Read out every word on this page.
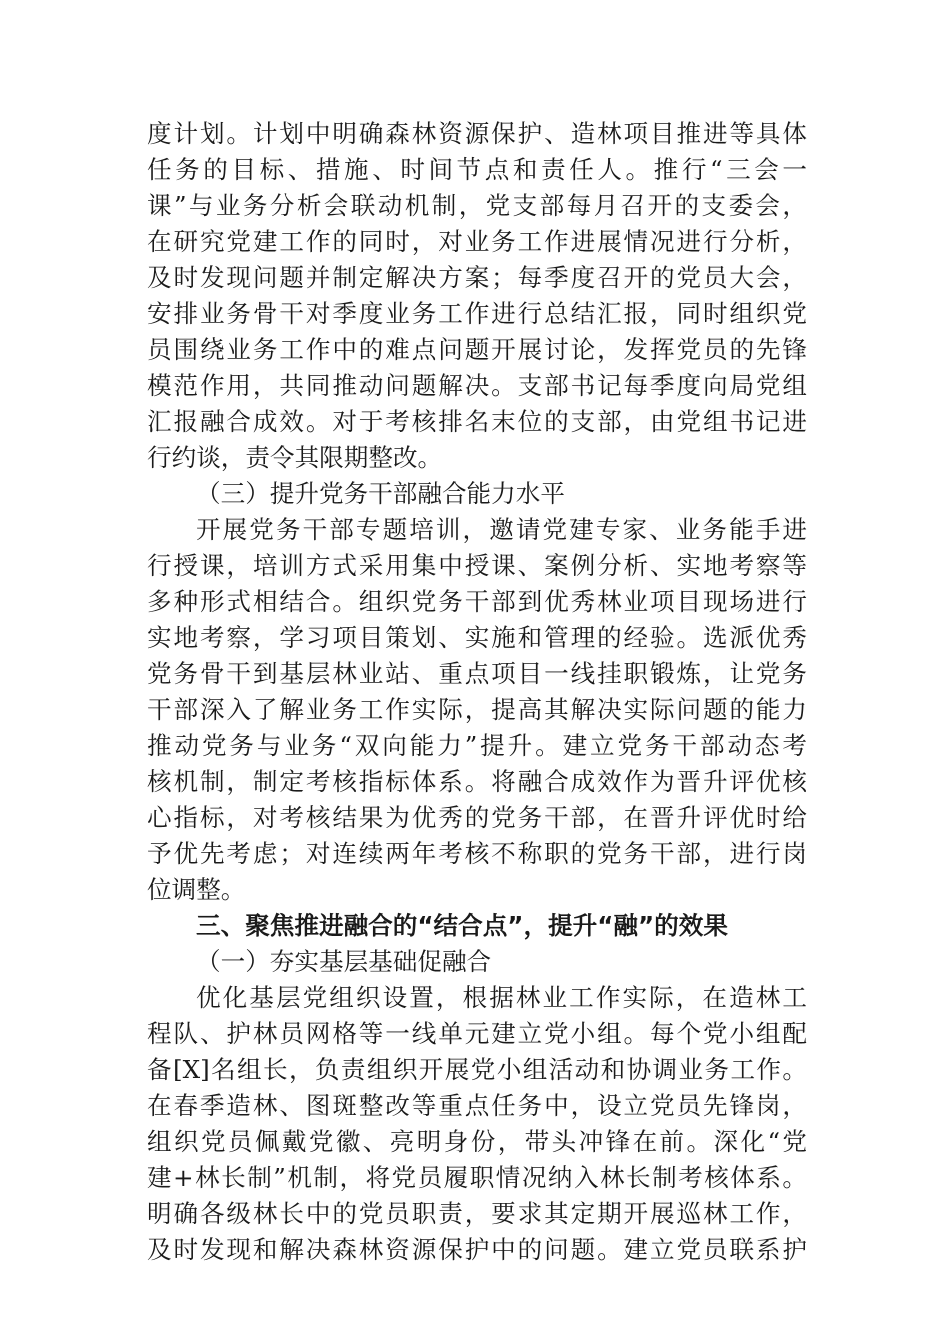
度计划。计划中明确森林资源保护、造林项目推进等具体
任务的目标、措施、时间节点和责任人。推行“三会一
课”与业务分析会联动机制，党支部每月召开的支委会，
在研究党建工作的同时，对业务工作进展情况进行分析，
及时发现问题并制定解决方案；每季度召开的党员大会，
安排业务骨干对季度业务工作进行总结汇报，同时组织党
员围绕业务工作中的难点问题开展讨论，发挥党员的先锋
模范作用，共同推动问题解决。支部书记每季度向局党组
汇报融合成效。对于考核排名末位的支部，由党组书记进
行约谈，责令其限期整改。
（三）提升党务干部融合能力水平
开展党务干部专题培训，邀请党建专家、业务能手进
行授课，培训方式采用集中授课、案例分析、实地考察等
多种形式相结合。组织党务干部到优秀林业项目现场进行
实地考察，学习项目策划、实施和管理的经验。选派优秀
党务骨干到基层林业站、重点项目一线挂职锻炼，让党务
干部深入了解业务工作实际，提高其解决实际问题的能力
推动党务与业务“双向能力”提升。建立党务干部动态考
核机制，制定考核指标体系。将融合成效作为晋升评优核
心指标，对考核结果为优秀的党务干部，在晋升评优时给
予优先考虑；对连续两年考核不称职的党务干部，进行岗
位调整。
三、聚焦推进融合的“结合点”，提升“融”的效果
（一）夯实基层基础促融合
优化基层党组织设置，根据林业工作实际，在造林工
程队、护林员网格等一线单元建立党小组。每个党小组配
备[X]名组长，负责组织开展党小组活动和协调业务工作。
在春季造林、图斑整改等重点任务中，设立党员先锋岗，
组织党员佩戴党徽、亮明身份，带头冲锋在前。深化“党
建+林长制”机制，将党员履职情况纳入林长制考核体系。
明确各级林长中的党员职责，要求其定期开展巡林工作，
及时发现和解决森林资源保护中的问题。建立党员联系护
